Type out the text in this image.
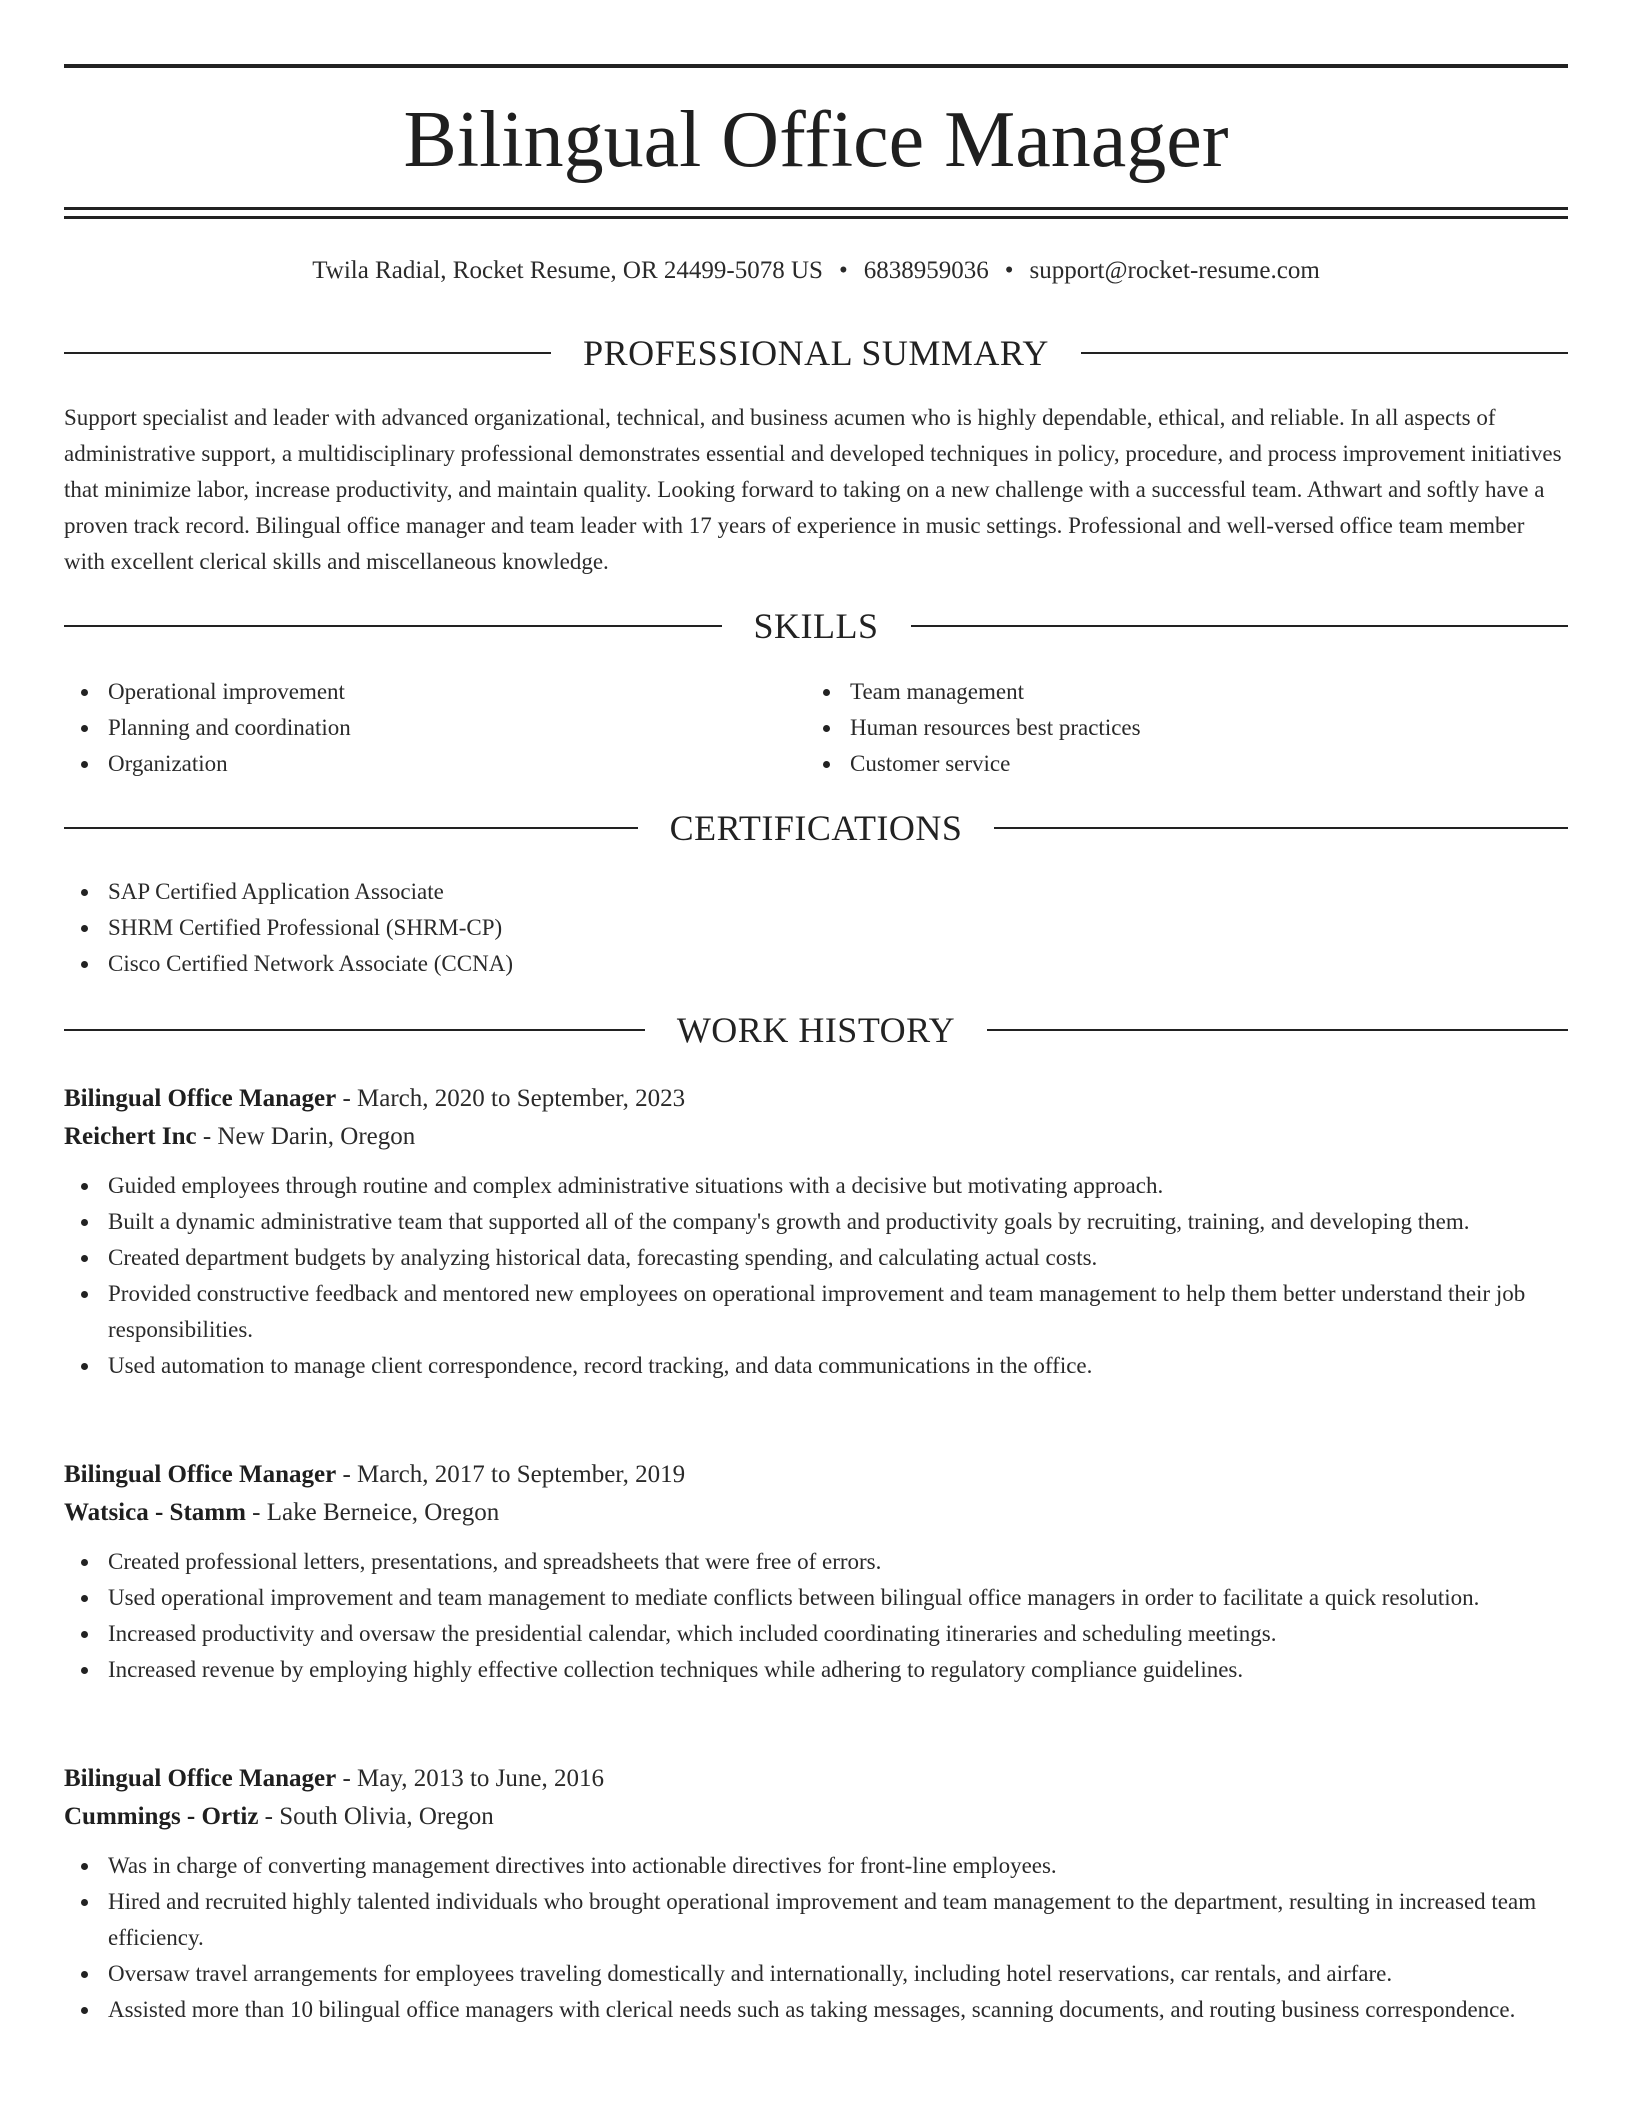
Bilingual Office Manager
Twila Radial, Rocket Resume, OR 24499-5078 US • 6838959036 • support@rocket-resume.com
PROFESSIONAL SUMMARY

Support specialist and leader with advanced organizational, technical, and business acumen who is highly dependable, ethical, and reliable. In all aspects of administrative support, a multidisciplinary professional demonstrates essential and developed techniques in policy, procedure, and process improvement initiatives that minimize labor, increase productivity, and maintain quality. Looking forward to taking on a new challenge with a successful team. Athwart and softly have a proven track record. Bilingual office manager and team leader with 17 years of experience in music settings. Professional and well-versed office team member with excellent clerical skills and miscellaneous knowledge.

SKILLS
Operational improvement
Planning and coordination
Organization
Team management
Human resources best practices
Customer service
CERTIFICATIONS
SAP Certified Application Associate
SHRM Certified Professional (SHRM-CP)
Cisco Certified Network Associate (CCNA)
WORK HISTORY
Bilingual Office Manager - March, 2020 to September, 2023
Reichert Inc - New Darin, Oregon
Guided employees through routine and complex administrative situations with a decisive but motivating approach.
Built a dynamic administrative team that supported all of the company's growth and productivity goals by recruiting, training, and developing them.
Created department budgets by analyzing historical data, forecasting spending, and calculating actual costs.
Provided constructive feedback and mentored new employees on operational improvement and team management to help them better understand their job responsibilities.
Used automation to manage client correspondence, record tracking, and data communications in the office.
Bilingual Office Manager - March, 2017 to September, 2019
Watsica - Stamm - Lake Berneice, Oregon
Created professional letters, presentations, and spreadsheets that were free of errors.
Used operational improvement and team management to mediate conflicts between bilingual office managers in order to facilitate a quick resolution.
Increased productivity and oversaw the presidential calendar, which included coordinating itineraries and scheduling meetings.
Increased revenue by employing highly effective collection techniques while adhering to regulatory compliance guidelines.
Bilingual Office Manager - May, 2013 to June, 2016
Cummings - Ortiz - South Olivia, Oregon
Was in charge of converting management directives into actionable directives for front-line employees.
Hired and recruited highly talented individuals who brought operational improvement and team management to the department, resulting in increased team efficiency.
Oversaw travel arrangements for employees traveling domestically and internationally, including hotel reservations, car rentals, and airfare.
Assisted more than 10 bilingual office managers with clerical needs such as taking messages, scanning documents, and routing business correspondence.
